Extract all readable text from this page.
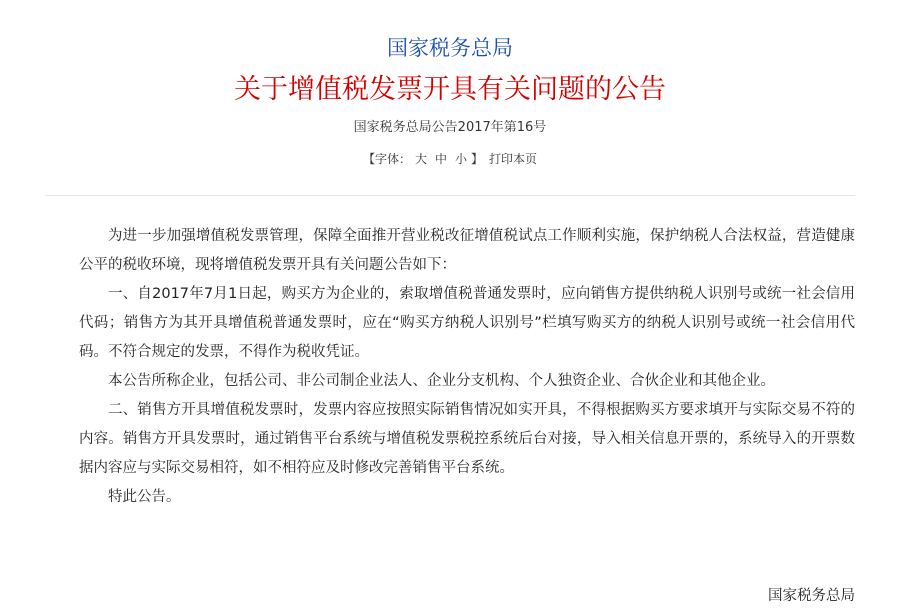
国家税务总局
关于增值税发票开具有关问题的公告
国家税务总局公告2017年第16号
【字体： 大 中 小 】 打印本页

为进一步加强增值税发票管理，保障全面推开营业税改征增值税试点工作顺利实施，保护纳税人合法权益，营造健康公平的税收环境，现将增值税发票开具有关问题公告如下：

一、自2017年7月1日起，购买方为企业的，索取增值税普通发票时，应向销售方提供纳税人识别号或统一社会信用代码；销售方为其开具增值税普通发票时，应在“购买方纳税人识别号”栏填写购买方的纳税人识别号或统一社会信用代码。不符合规定的发票，不得作为税收凭证。

本公告所称企业，包括公司、非公司制企业法人、企业分支机构、个人独资企业、合伙企业和其他企业。

二、销售方开具增值税发票时，发票内容应按照实际销售情况如实开具，不得根据购买方要求填开与实际交易不符的内容。销售方开具发票时，通过销售平台系统与增值税发票税控系统后台对接，导入相关信息开票的，系统导入的开票数据内容应与实际交易相符，如不相符应及时修改完善销售平台系统。

特此公告。

国家税务总局
